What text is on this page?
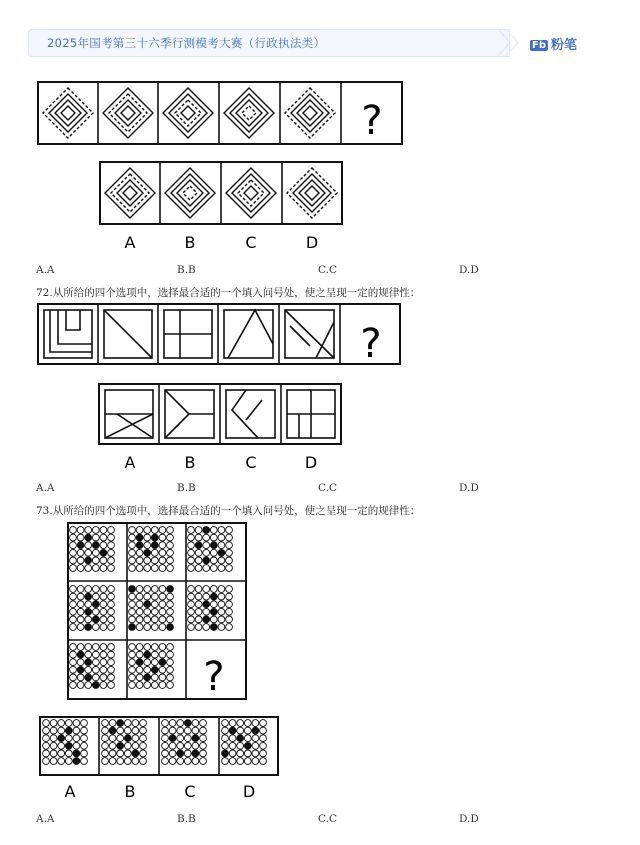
2025年国考第三十六季行测模考大赛（行政执法类）	Fb 粉笔
?
A	B	C	D
A.A	B.B	C.C	D.D
72.从所给的四个选项中，选择最合适的一个填入问号处，使之呈现一定的规律性：
?
A	B	C	D
A.A	B.B	C.C	D.D
73.从所给的四个选项中，选择最合适的一个填入问号处，使之呈现一定的规律性：
?
A	B	C	D
A.A	B.B	C.C	D.D
